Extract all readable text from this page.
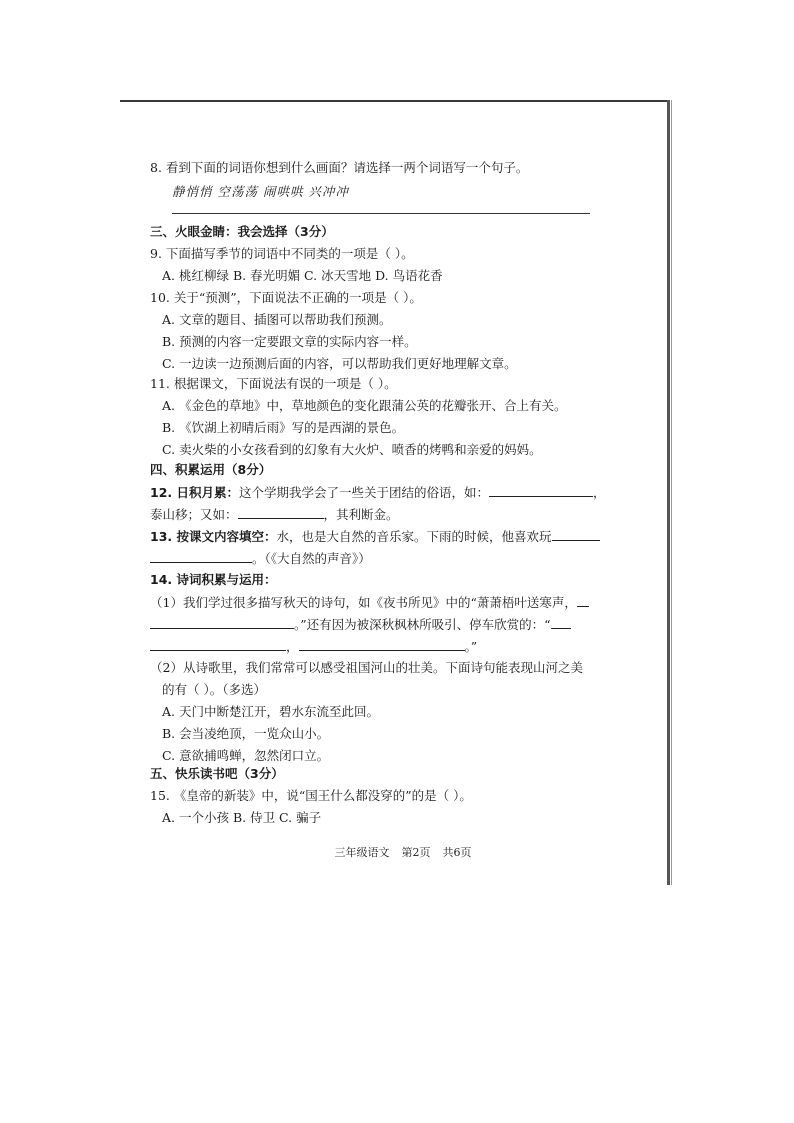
8. 看到下面的词语你想到什么画面？请选择一两个词语写一个句子。
静悄悄 空荡荡 闹哄哄 兴冲冲
三、火眼金睛：我会选择（3分）
9. 下面描写季节的词语中不同类的一项是（ ）。
A. 桃红柳绿 B. 春光明媚 C. 冰天雪地 D. 鸟语花香
10. 关于“预测”，下面说法不正确的一项是（ ）。
A. 文章的题目、插图可以帮助我们预测。
B. 预测的内容一定要跟文章的实际内容一样。
C. 一边读一边预测后面的内容，可以帮助我们更好地理解文章。
11. 根据课文，下面说法有误的一项是（ ）。
A. 《金色的草地》中，草地颜色的变化跟蒲公英的花瓣张开、合上有关。
B. 《饮湖上初晴后雨》写的是西湖的景色。
C. 卖火柴的小女孩看到的幻象有大火炉、喷香的烤鸭和亲爱的妈妈。
四、积累运用（8分）
12. 日积月累：这个学期我学会了一些关于团结的俗语，如：	，
泰山移；又如：	，其利断金。
13. 按课文内容填空：水，也是大自然的音乐家。下雨的时候，他喜欢玩
。（《大自然的声音》）
14. 诗词积累与运用：
（1）我们学过很多描写秋天的诗句，如《夜书所见》中的“萧萧梧叶送寒声，
。”还有因为被深秋枫林所吸引、停车欣赏的：“
，	。”
（2）从诗歌里，我们常常可以感受祖国河山的壮美。下面诗句能表现山河之美
的有（ ）。（多选）
A. 天门中断楚江开，碧水东流至此回。
B. 会当凌绝顶，一览众山小。
C. 意欲捕鸣蝉，忽然闭口立。
五、快乐读书吧（3分）
15. 《皇帝的新装》中，说“国王什么都没穿的”的是（ ）。
A. 一个小孩 B. 侍卫 C. 骗子
三年级语文 第2页 共6页
